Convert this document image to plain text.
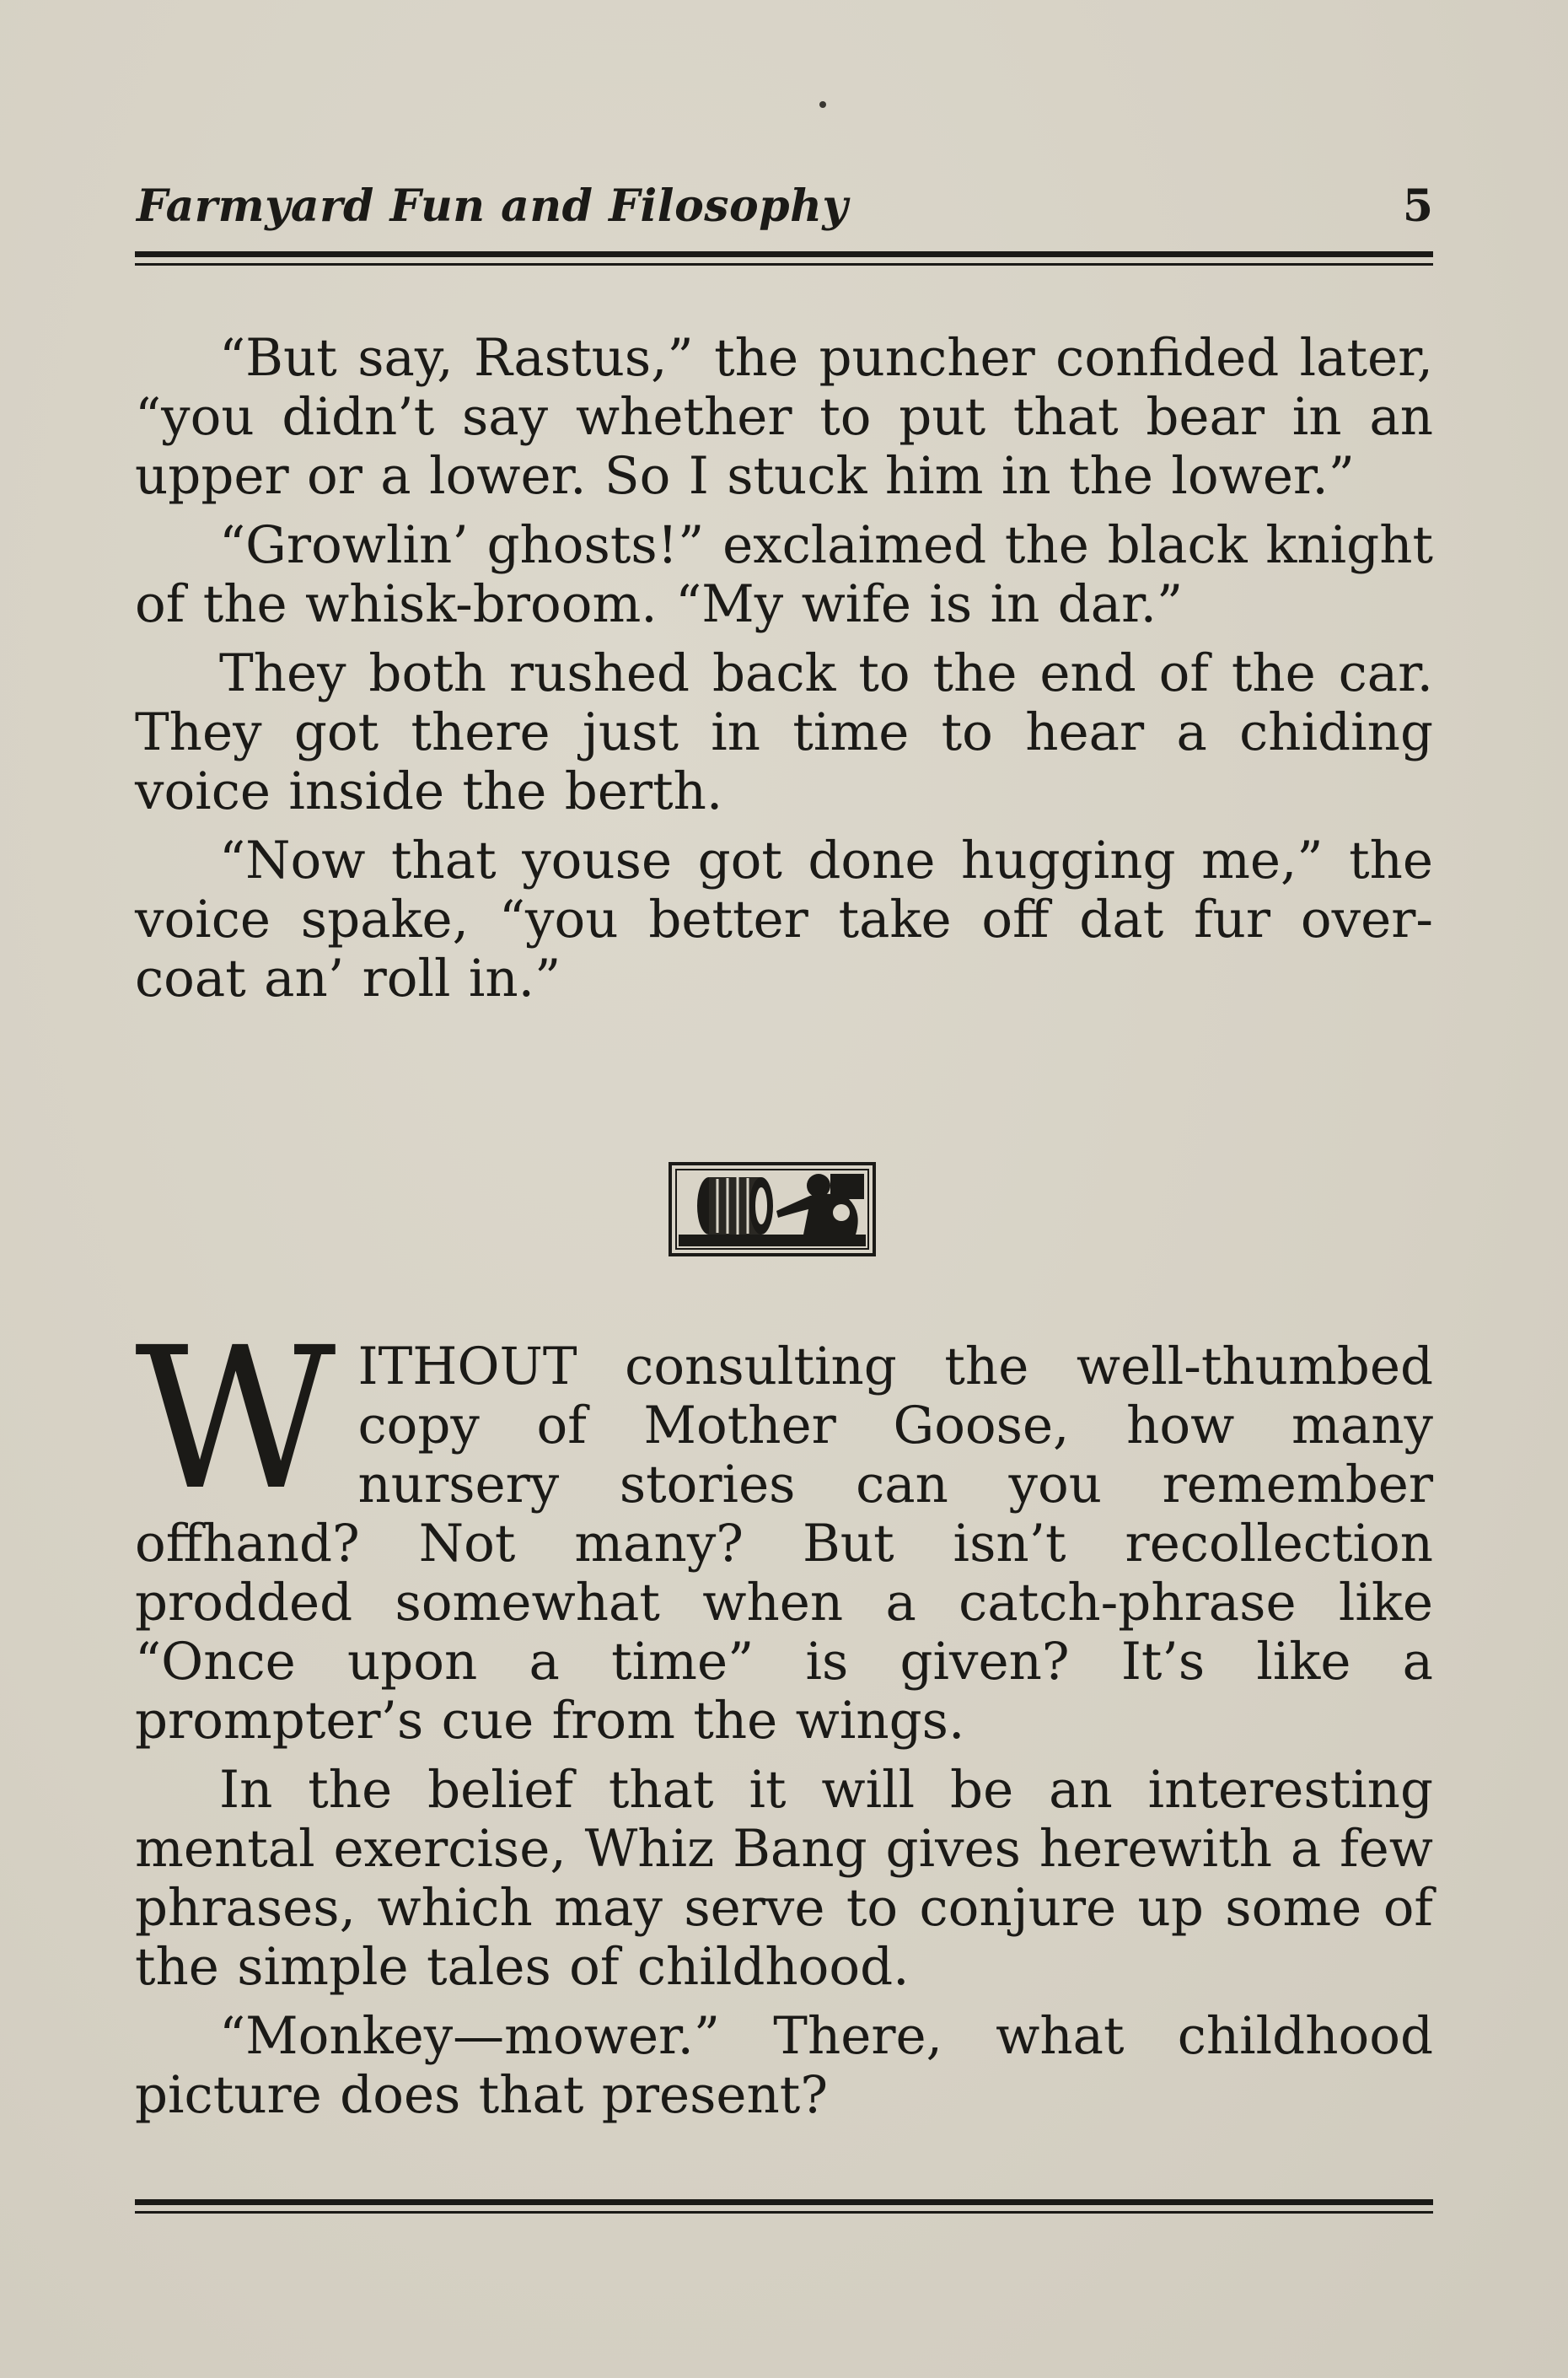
Farmyard Fun and Filosophy	5

“But say, Rastus,” the puncher confided later, “you didn’t say whether to put that bear in an upper or a lower. So I stuck him in the lower.”

“Growlin’ ghosts!” exclaimed the black knight of the whisk-broom. “My wife is in dar.”

They both rushed back to the end of the car. They got there just in time to hear a chiding voice inside the berth.

“Now that youse got done hugging me,” the voice spake, “you better take off dat fur over-coat an’ roll in.”

WITHOUT consulting the well-thumbed copy of Mother Goose, how many nursery stories can you remember offhand? Not many? But isn’t recollection prodded somewhat when a catch-phrase like “Once upon a time” is given? It’s like a prompter’s cue from the wings.

In the belief that it will be an interesting mental exercise, Whiz Bang gives herewith a few phrases, which may serve to conjure up some of the simple tales of childhood.

“Monkey—mower.” There, what childhood picture does that present?
